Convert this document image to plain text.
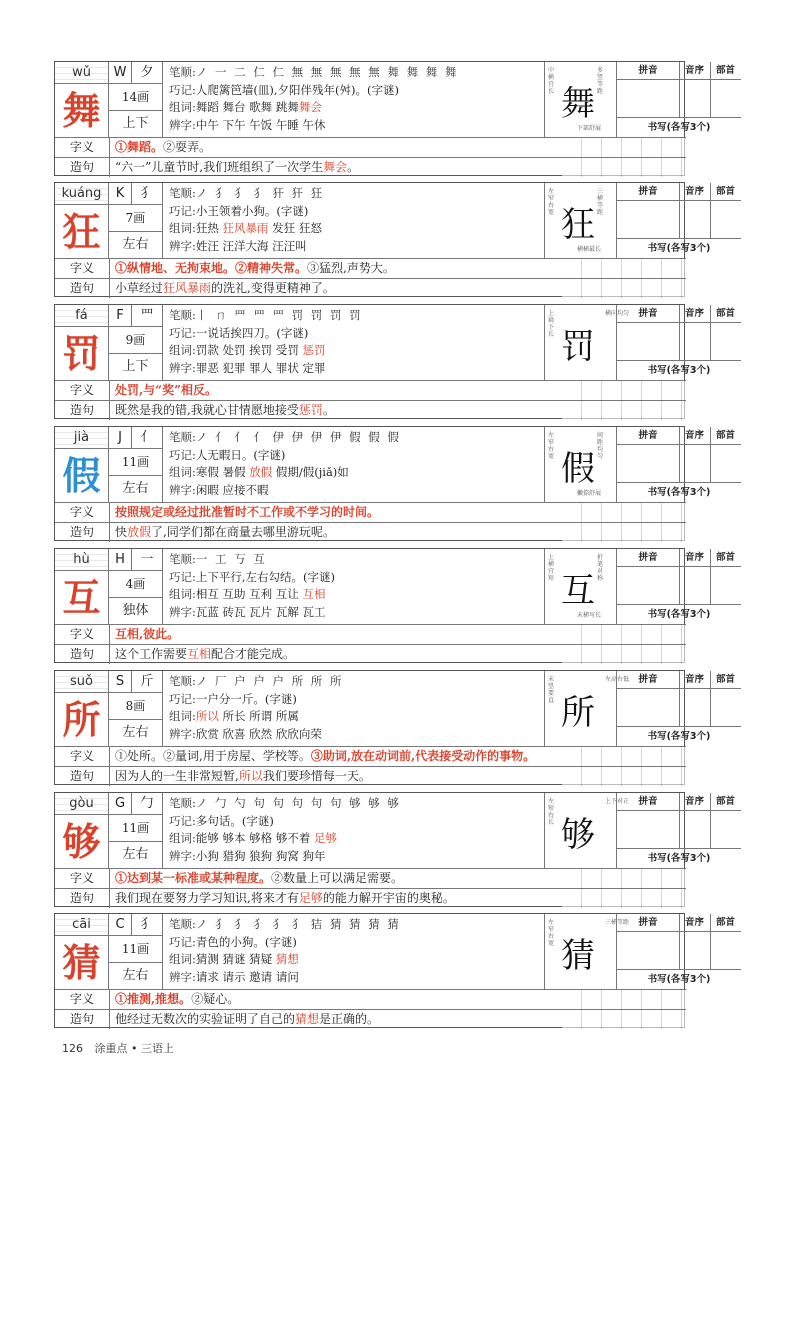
wǔ	W	夕
舞	14画
上下
笔顺:ノ 一 二 仁 仁 無 無 無 無 無 舞 舞 舞 舞
巧记:人爬篱笆墙(皿),夕阳伴残年(舛)。(字谜)
组词:舞蹈 舞台 歌舞 跳舞舞会
辨字:中午 下午 午饭 午睡 午休
舞
中横宜长
多竖等距
下部舒展
拼音	音序	部首
书写(各写3个)
字义	①舞蹈。②耍弄。
造句	“六一”儿童节时,我们班组织了一次学生舞会。
kuáng	K	犭
狂	7画
左右
笔顺:ノ 犭 犭 犭 犴 犴 狂
巧记:小王领着小狗。(字谜)
组词:狂热 狂风暴雨 发狂 狂怒
辨字:姓汪 汪洋大海 汪汪叫
狂
左窄右宽
三横等距
横横最长
拼音	音序	部首
书写(各写3个)
字义	①纵情地、无拘束地。②精神失常。③猛烈,声势大。
造句	小草经过狂风暴雨的洗礼,变得更精神了。
fá	F	罒
罚	9画
上下
笔顺:丨 ㄇ 罒 罒 罒 罚 罚 罚 罚
巧记:一说话挨四刀。(字谜)
组词:罚款 处罚 挨罚 受罚 惩罚
辨字:罪恶 犯罪 罪人 罪状 定罪
罚
上扁下长
横向均匀 拼音	音序	部首
书写(各写3个)
字义	处罚,与“奖”相反。
造句	既然是我的错,我就心甘情愿地接受惩罚。
jià	J	亻
假	11画
左右
笔顺:ノ 亻 亻 亻 伊 伊 伊 伊 假 假 假
巧记:人无暇日。(字谜)
组词:寒假 暑假 放假 假期/假(jiǎ)如
辨字:闲暇 应接不暇
假
左窄右宽
间距均匀
撇捺舒展
拼音	音序	部首
书写(各写3个)
字义	按照规定或经过批准暂时不工作或不学习的时间。
造句	快放假了,同学们都在商量去哪里游玩呢。
hù	H	一
互	4画
独体
笔顺:一 工 丂 互
巧记:上下平行,左右勾结。(字谜)
组词:相互 互助 互利 互让 互相
辨字:瓦蓝 砖瓦 瓦片 瓦解 瓦工
互
上横宜短
折笔对称
末横写长
拼音	音序	部首
书写(各写3个)
字义	互相,彼此。
造句	这个工作需要互相配合才能完成。
suǒ	S	斤
所	8画
左右
笔顺:ノ 厂 户 户 户 所 所 所
巧记:一户分一斤。(字谜)
组词:所以 所长 所谓 所属
辨字:欣赏 欣喜 欣然 欣欣向荣
所
末竖要直
左高右低 拼音	音序	部首
书写(各写3个)
字义	①处所。②量词,用于房屋、学校等。③助词,放在动词前,代表接受动作的事物。
造句	因为人的一生非常短暂,所以我们要珍惜每一天。
gòu	G	勹
够	11画
左右
笔顺:ノ 勹 勺 句 句 句 句 句 够 够 够
巧记:多句话。(字谜)
组词:能够 够本 够格 够不着 足够
辨字:小狗 猎狗 狼狗 狗窝 狗年
够
左短右长
上下对正 拼音	音序	部首
书写(各写3个)
字义	①达到某一标准或某种程度。②数量上可以满足需要。
造句	我们现在要努力学习知识,将来才有足够的能力解开宇宙的奥秘。
cāi	C	犭
猜	11画
左右
笔顺:ノ 犭 犭 犭 犭 犭 狤 猜 猜 猜 猜
巧记:青色的小狗。(字谜)
组词:猜测 猜谜 猜疑 猜想
辨字:请求 请示 邀请 请问
猜
左窄右宽
三横等距 拼音	音序	部首
书写(各写3个)
字义	①推测,推想。②疑心。
造句	他经过无数次的实验证明了自己的猜想是正确的。
126 涂重点 • 三语上
